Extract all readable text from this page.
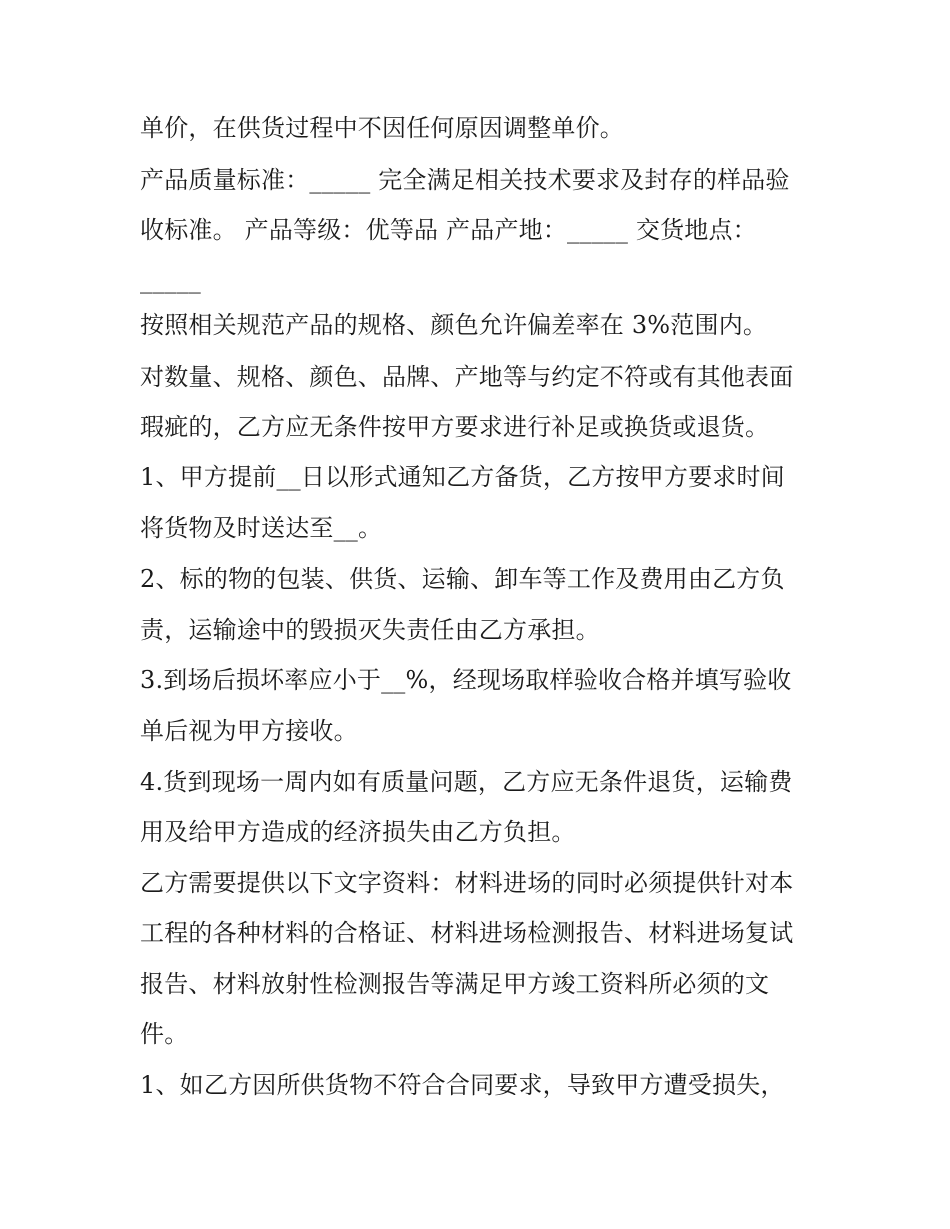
单价，在供货过程中不因任何原因调整单价。

产品质量标准：_____ 完全满足相关技术要求及封存的样品验

收标准。 产品等级：优等品 产品产地：_____ 交货地点：

_____

按照相关规范产品的规格、颜色允许偏差率在 3%范围内。

对数量、规格、颜色、品牌、产地等与约定不符或有其他表面

瑕疵的，乙方应无条件按甲方要求进行补足或换货或退货。

1、甲方提前__日以形式通知乙方备货，乙方按甲方要求时间

将货物及时送达至__。

2、标的物的包装、供货、运输、卸车等工作及费用由乙方负

责，运输途中的毁损灭失责任由乙方承担。

3.到场后损坏率应小于__%，经现场取样验收合格并填写验收

单后视为甲方接收。

4.货到现场一周内如有质量问题，乙方应无条件退货，运输费

用及给甲方造成的经济损失由乙方负担。

乙方需要提供以下文字资料：材料进场的同时必须提供针对本

工程的各种材料的合格证、材料进场检测报告、材料进场复试

报告、材料放射性检测报告等满足甲方竣工资料所必须的文

件。

1、如乙方因所供货物不符合合同要求，导致甲方遭受损失，
